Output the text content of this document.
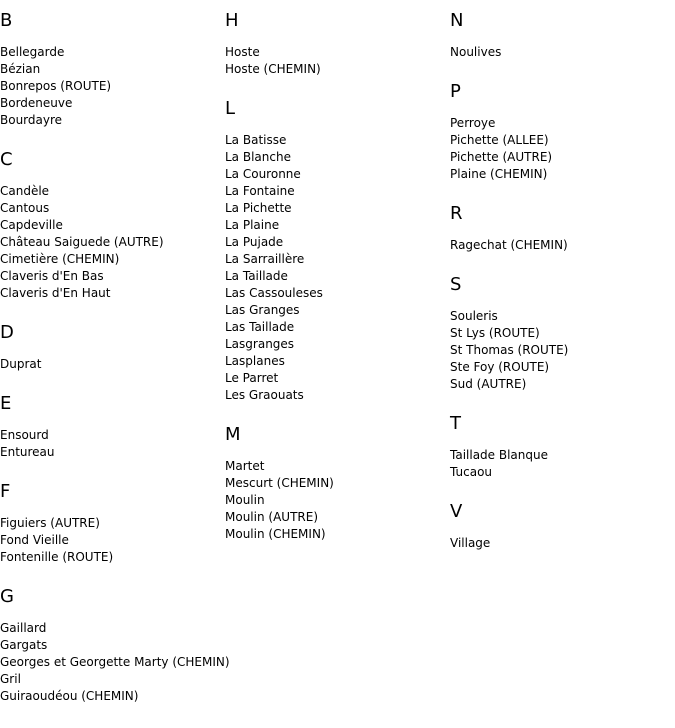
B
Bellegarde
Bézian
Bonrepos (ROUTE)
Bordeneuve
Bourdayre
C
Candèle
Cantous
Capdeville
Château Saiguede (AUTRE)
Cimetière (CHEMIN)
Claveris d'En Bas
Claveris d'En Haut
D
Duprat
E
Ensourd
Entureau
F
Figuiers (AUTRE)
Fond Vieille
Fontenille (ROUTE)
G
Gaillard
Gargats
Georges et Georgette Marty (CHEMIN)
Gril
Guiraoudéou (CHEMIN)
H
Hoste
Hoste (CHEMIN)
L
La Batisse
La Blanche
La Couronne
La Fontaine
La Pichette
La Plaine
La Pujade
La Sarraillère
La Taillade
Las Cassouleses
Las Granges
Las Taillade
Lasgranges
Lasplanes
Le Parret
Les Graouats
M
Martet
Mescurt (CHEMIN)
Moulin
Moulin (AUTRE)
Moulin (CHEMIN)
N
Noulives
P
Perroye
Pichette (ALLEE)
Pichette (AUTRE)
Plaine (CHEMIN)
R
Ragechat (CHEMIN)
S
Souleris
St Lys (ROUTE)
St Thomas (ROUTE)
Ste Foy (ROUTE)
Sud (AUTRE)
T
Taillade Blanque
Tucaou
V
Village
